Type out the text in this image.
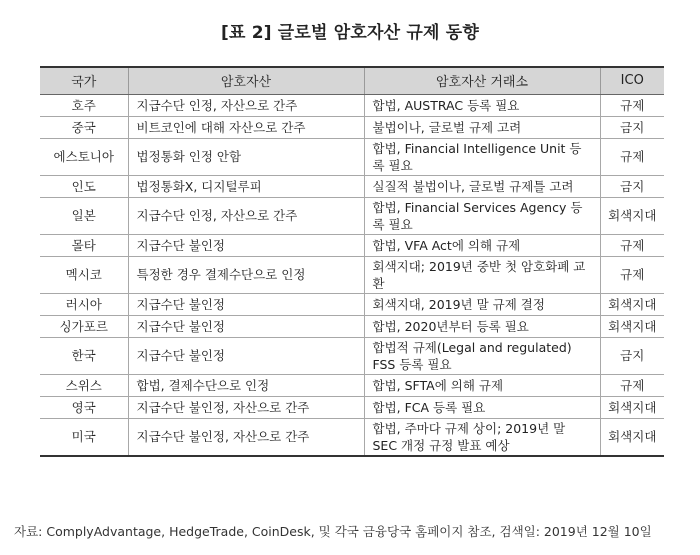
[표 2] 글로벌 암호자산 규제 동향
국가	암호자산	암호자산 거래소	ICO
호주	지급수단 인정, 자산으로 간주	합법, AUSTRAC 등록 필요	규제
중국	비트코인에 대해 자산으로 간주	불법이나, 글로벌 규제 고려	금지
에스토니아	법정통화 인정 안함	합법, Financial Intelligence Unit 등록 필요	규제
인도	법정통화X, 디지털루피	실질적 불법이나, 글로벌 규제틀 고려	금지
일본	지급수단 인정, 자산으로 간주	합법, Financial Services Agency 등록 필요	회색지대
몰타	지급수단 불인정	합법, VFA Act에 의해 규제	규제
멕시코	특정한 경우 결제수단으로 인정	회색지대; 2019년 중반 첫 암호화폐 교환	규제
러시아	지급수단 불인정	회색지대, 2019년 말 규제 결정	회색지대
싱가포르	지급수단 불인정	합법, 2020년부터 등록 필요	회색지대
한국	지급수단 불인정	합법적 규제(Legal and regulated) FSS 등록 필요	금지
스위스	합법, 결제수단으로 인정	합법, SFTA에 의해 규제	규제
영국	지급수단 불인정, 자산으로 간주	합법, FCA 등록 필요	회색지대
미국	지급수단 불인정, 자산으로 간주	합법, 주마다 규제 상이; 2019년 말 SEC 개정 규정 발표 예상	회색지대
자료: ComplyAdvantage, HedgeTrade, CoinDesk, 및 각국 금융당국 홈페이지 참조, 검색일: 2019년 12월 10일
